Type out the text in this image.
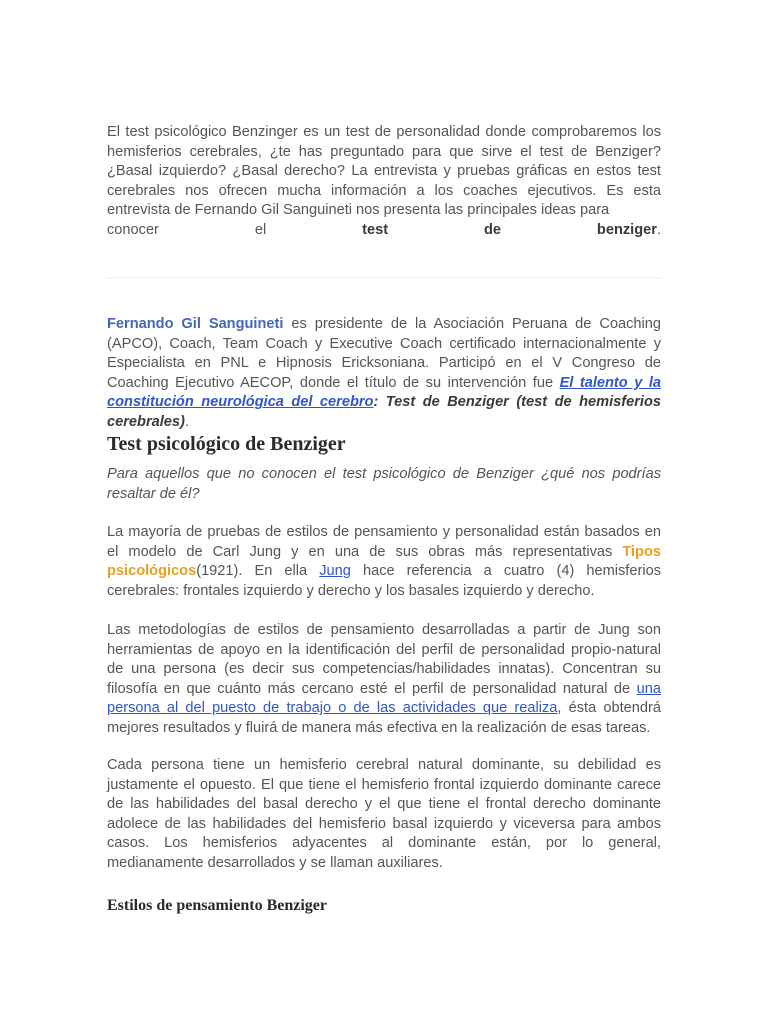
El test psicológico Benzinger es un test de personalidad donde comprobaremos los hemisferios cerebrales, ¿te has preguntado para que sirve el test de Benziger? ¿Basal izquierdo? ¿Basal derecho? La entrevista y pruebas gráficas en estos test cerebrales nos ofrecen mucha información a los coaches ejecutivos. Es esta entrevista de Fernando Gil Sanguineti nos presenta las principales ideas para

conocer el test de benziger.

Fernando Gil Sanguineti es presidente de la Asociación Peruana de Coaching (APCO), Coach, Team Coach y Executive Coach certificado internacionalmente y Especialista en PNL e Hipnosis Ericksoniana. Participó en el V Congreso de Coaching Ejecutivo AECOP, donde el título de su intervención fue El talento y la constitución neurológica del cerebro: Test de Benziger (test de hemisferios cerebrales).

Test psicológico de Benziger

Para aquellos que no conocen el test psicológico de Benziger ¿qué nos podrías resaltar de él?

La mayoría de pruebas de estilos de pensamiento y personalidad están basados en el modelo de Carl Jung y en una de sus obras más representativas Tipos psicológicos(1921). En ella Jung hace referencia a cuatro (4) hemisferios cerebrales: frontales izquierdo y derecho y los basales izquierdo y derecho.

Las metodologías de estilos de pensamiento desarrolladas a partir de Jung son herramientas de apoyo en la identificación del perfil de personalidad propio-natural de una persona (es decir sus competencias/habilidades innatas). Concentran su filosofía en que cuánto más cercano esté el perfil de personalidad natural de una persona al del puesto de trabajo o de las actividades que realiza, ésta obtendrá mejores resultados y fluirá de manera más efectiva en la realización de esas tareas.

Cada persona tiene un hemisferio cerebral natural dominante, su debilidad es justamente el opuesto. El que tiene el hemisferio frontal izquierdo dominante carece de las habilidades del basal derecho y el que tiene el frontal derecho dominante adolece de las habilidades del hemisferio basal izquierdo y viceversa para ambos casos. Los hemisferios adyacentes al dominante están, por lo general, medianamente desarrollados y se llaman auxiliares.

Estilos de pensamiento Benziger
